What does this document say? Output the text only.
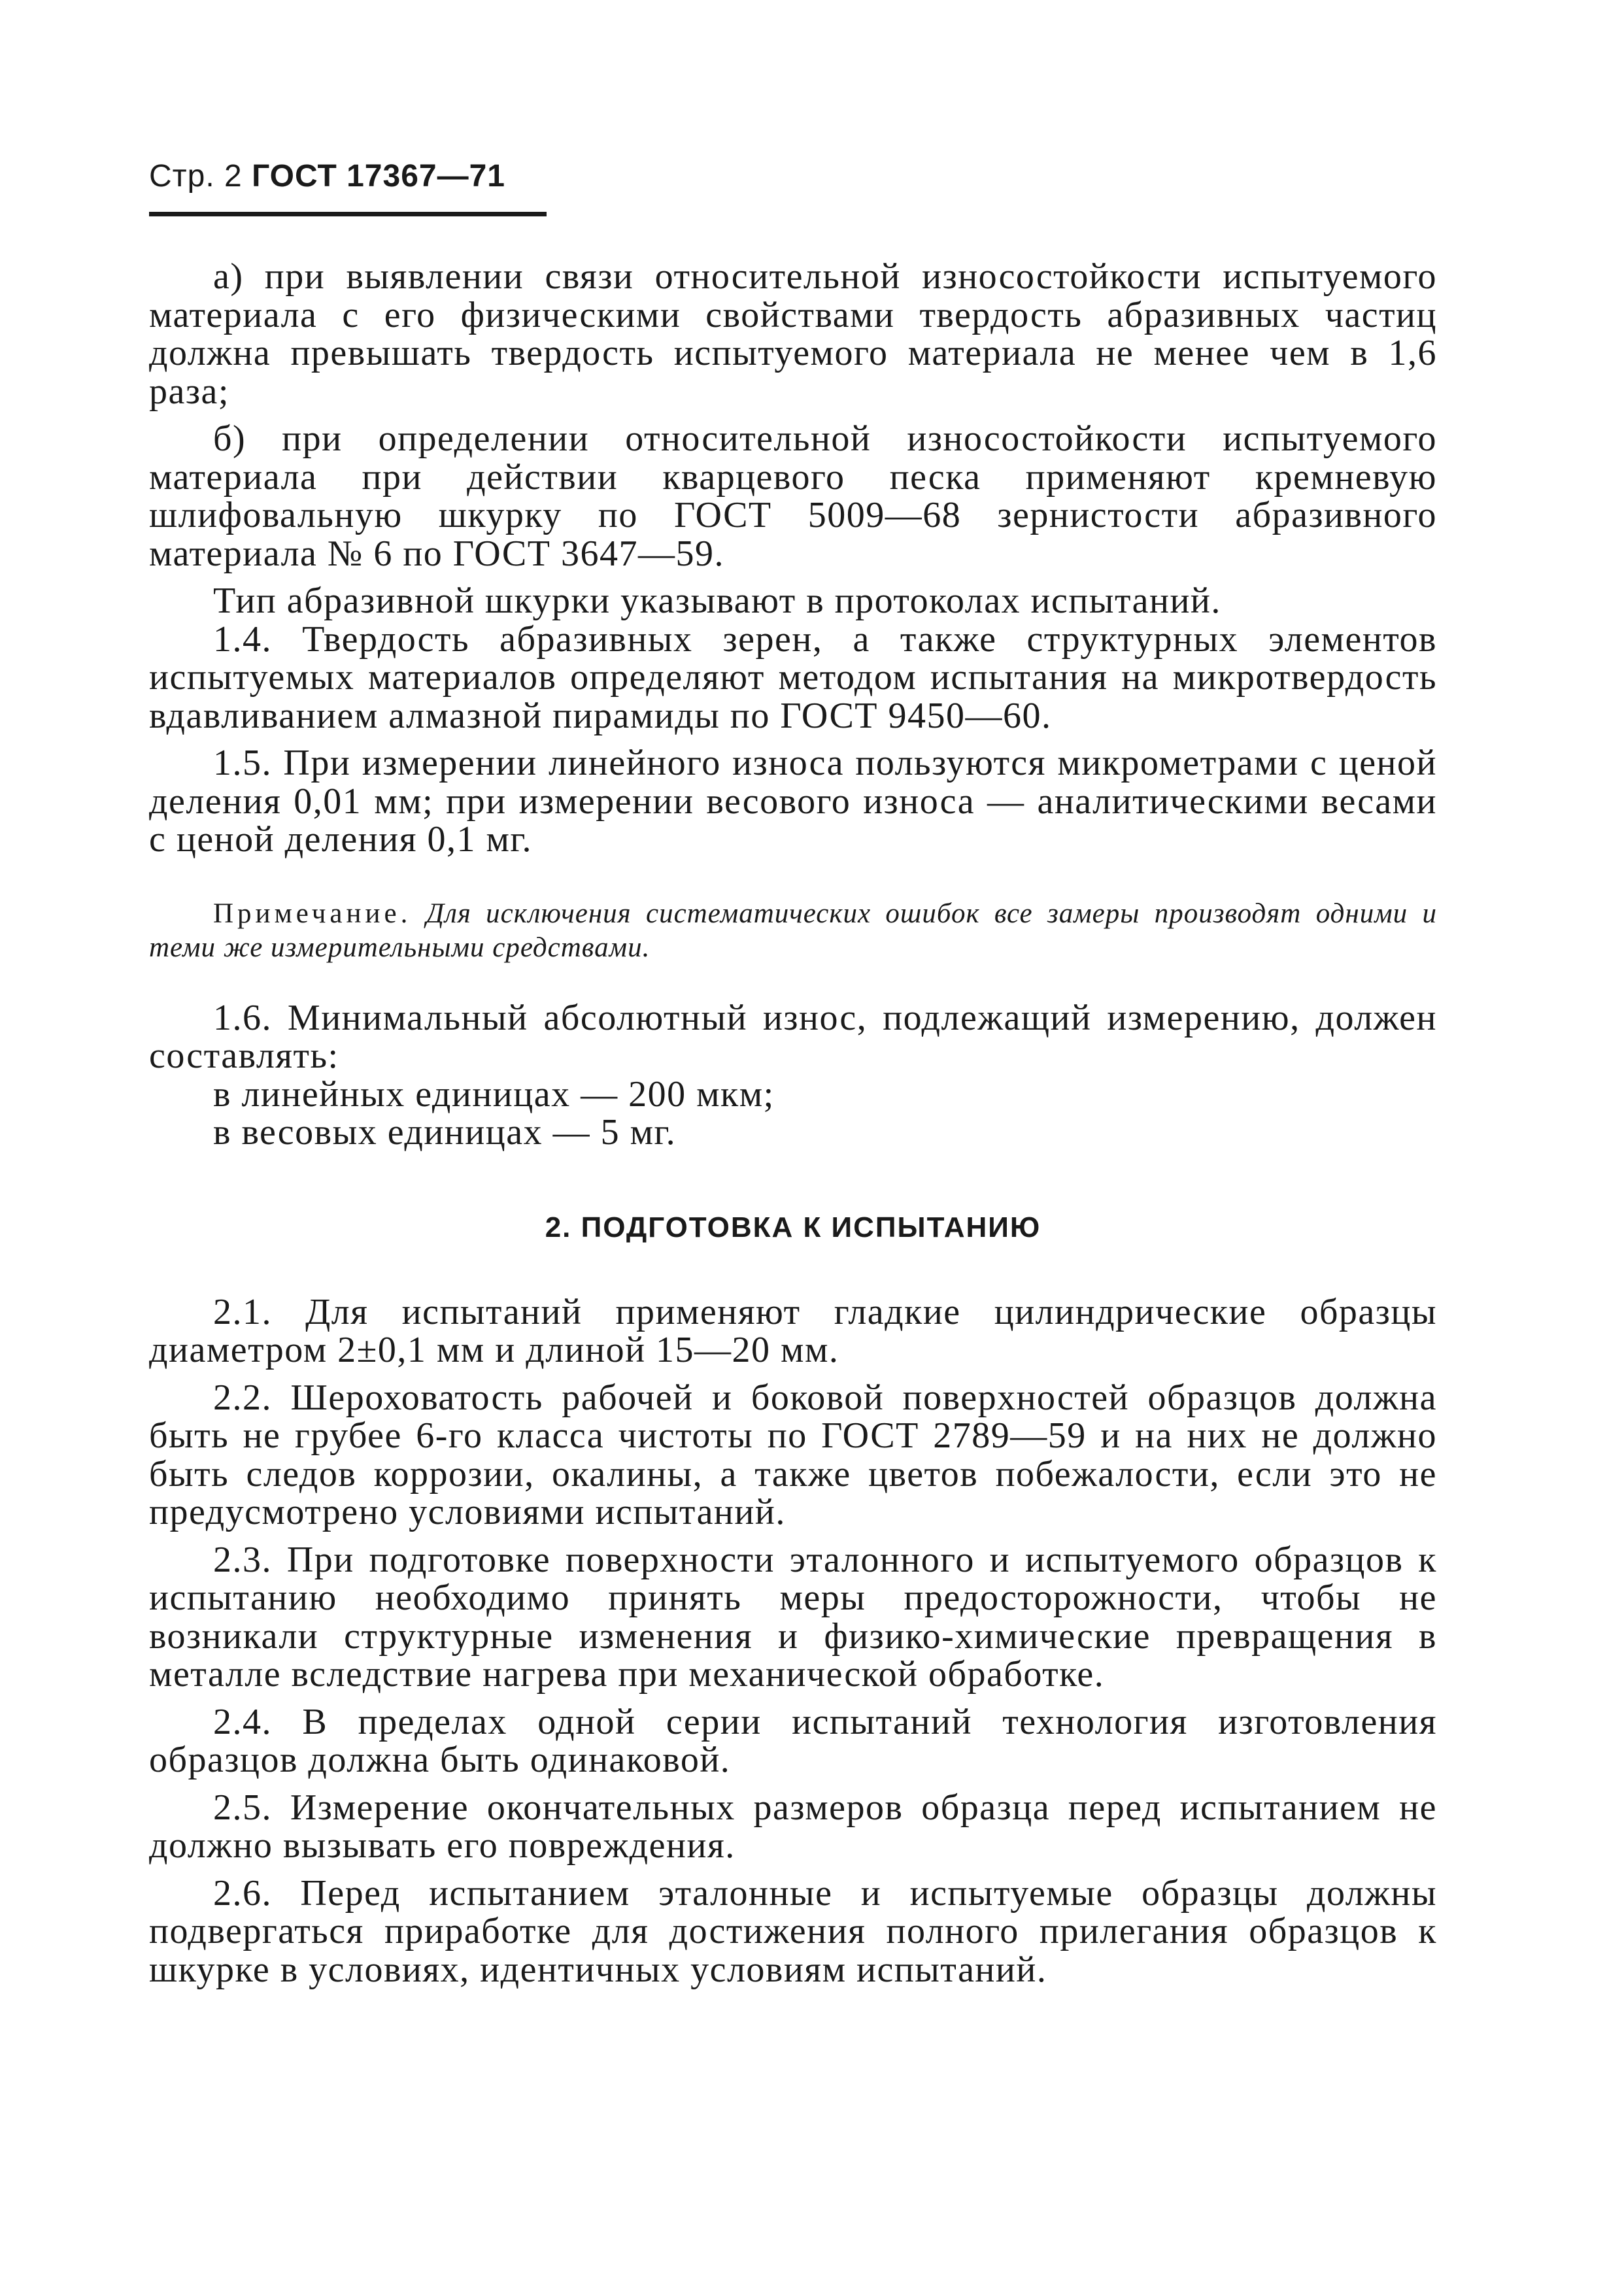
Стр. 2 ГОСТ 17367—71

а) при выявлении связи относительной износостойкости испытуемого материала с его физическими свойствами твердость абразивных частиц должна превышать твердость испытуемого материала не менее чем в 1,6 раза;

б) при определении относительной износостойкости испытуемого материала при действии кварцевого песка применяют кремневую шлифовальную шкурку по ГОСТ 5009—68 зернистости абразивного материала № 6 по ГОСТ 3647—59.

Тип абразивной шкурки указывают в протоколах испытаний.

1.4. Твердость абразивных зерен, а также структурных элементов испытуемых материалов определяют методом испытания на микротвердость вдавливанием алмазной пирамиды по ГОСТ 9450—60.

1.5. При измерении линейного износа пользуются микрометрами с ценой деления 0,01 мм; при измерении весового износа — аналитическими весами с ценой деления 0,1 мг.

Примечание. Для исключения систематических ошибок все замеры производят одними и теми же измерительными средствами.

1.6. Минимальный абсолютный износ, подлежащий измерению, должен составлять:

в линейных единицах — 200 мкм;

в весовых единицах — 5 мг.

2. ПОДГОТОВКА К ИСПЫТАНИЮ

2.1. Для испытаний применяют гладкие цилиндрические образцы диаметром 2±0,1 мм и длиной 15—20 мм.

2.2. Шероховатость рабочей и боковой поверхностей образцов должна быть не грубее 6-го класса чистоты по ГОСТ 2789—59 и на них не должно быть следов коррозии, окалины, а также цветов побежалости, если это не предусмотрено условиями испытаний.

2.3. При подготовке поверхности эталонного и испытуемого образцов к испытанию необходимо принять меры предосторожности, чтобы не возникали структурные изменения и физико-химические превращения в металле вследствие нагрева при механической обработке.

2.4. В пределах одной серии испытаний технология изготовления образцов должна быть одинаковой.

2.5. Измерение окончательных размеров образца перед испытанием не должно вызывать его повреждения.

2.6. Перед испытанием эталонные и испытуемые образцы должны подвергаться приработке для достижения полного прилегания образцов к шкурке в условиях, идентичных условиям испытаний.
